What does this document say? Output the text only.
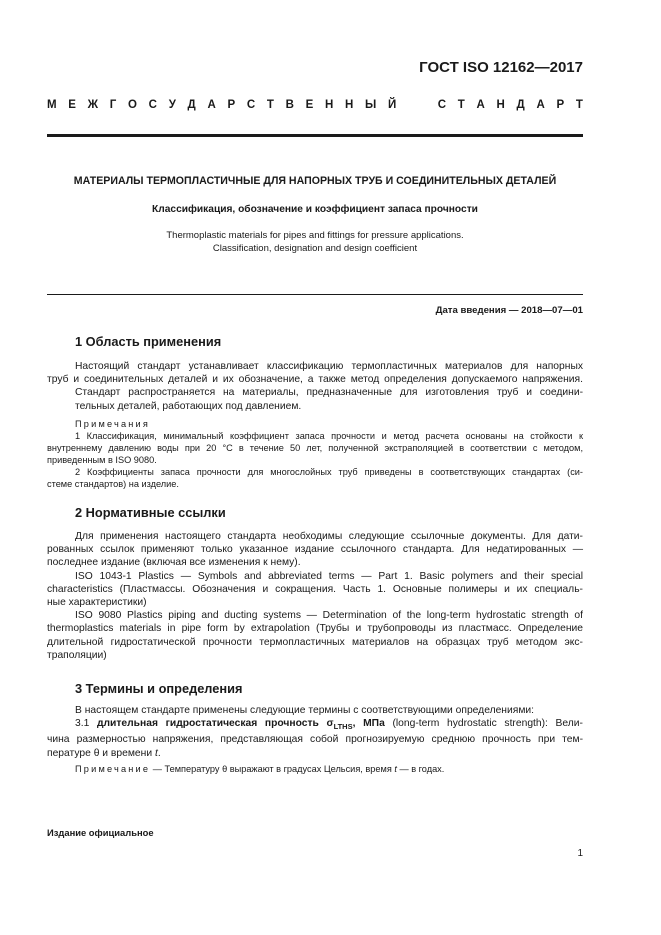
ГОСТ ISO 12162—2017
М Е Ж Г О С У Д А Р С Т В Е Н Н Ы Й

	С Т А Н Д А Р Т
МАТЕРИАЛЫ ТЕРМОПЛАСТИЧНЫЕ ДЛЯ НАПОРНЫХ ТРУБ И СОЕДИНИТЕЛЬНЫХ ДЕТАЛЕЙ
Классификация, обозначение и коэффициент запаса прочности
Thermoplastic materials for pipes and fittings for pressure applications.
Classification, designation and design coefficient
Дата введения — 2018—07—01
1 Область применения
Настоящий стандарт устанавливает классификацию термопластичных материалов для напорных
труб и соединительных деталей и их обозначение, а также метод определения допускаемого напряжения.
Стандарт распространяется на материалы, предназначенные для изготовления труб и соедини-
тельных деталей, работающих под давлением.
Примечания
1 Классификация, минимальный коэффициент запаса прочности и метод расчета основаны на стойкости к
внутреннему давлению воды при 20 °С в течение 50 лет, полученной экстраполяцией в соответствии с методом,
приведенным в ISO 9080.
2 Коэффициенты запаса прочности для многослойных труб приведены в соответствующих стандартах (си-
стеме стандартов) на изделие.
2 Нормативные ссылки
Для применения настоящего стандарта необходимы следующие ссылочные документы. Для дати-
рованных ссылок применяют только указанное издание ссылочного стандарта. Для недатированных —
последнее издание (включая все изменения к нему).
ISO 1043-1 Plastics — Symbols and abbreviated terms — Part 1. Basic polymers and their special
characteristics (Пластмассы. Обозначения и сокращения. Часть 1. Основные полимеры и их специаль-
ные характеристики)
ISO 9080 Plastics piping and ducting systems — Determination of the long-term hydrostatic strength of
thermoplastics materials in pipe form by extrapolation (Трубы и трубопроводы из пластмасс. Определение
длительной гидростатической прочности термопластичных материалов на образцах труб методом экс-
траполяции)
3 Термины и определения
В настоящем стандарте применены следующие термины с соответствующими определениями:
3.1 длительная гидростатическая прочность $\sigma_{LTHS}$, МПа (long-term hydrostatic strength): Вели-
чина размерностью напряжения, представляющая собой прогнозируемую среднюю прочность при тем-
пературе θ и времени t.
Примечание — Температуру θ выражают в градусах Цельсия, время t — в годах.
Издание официальное
1
